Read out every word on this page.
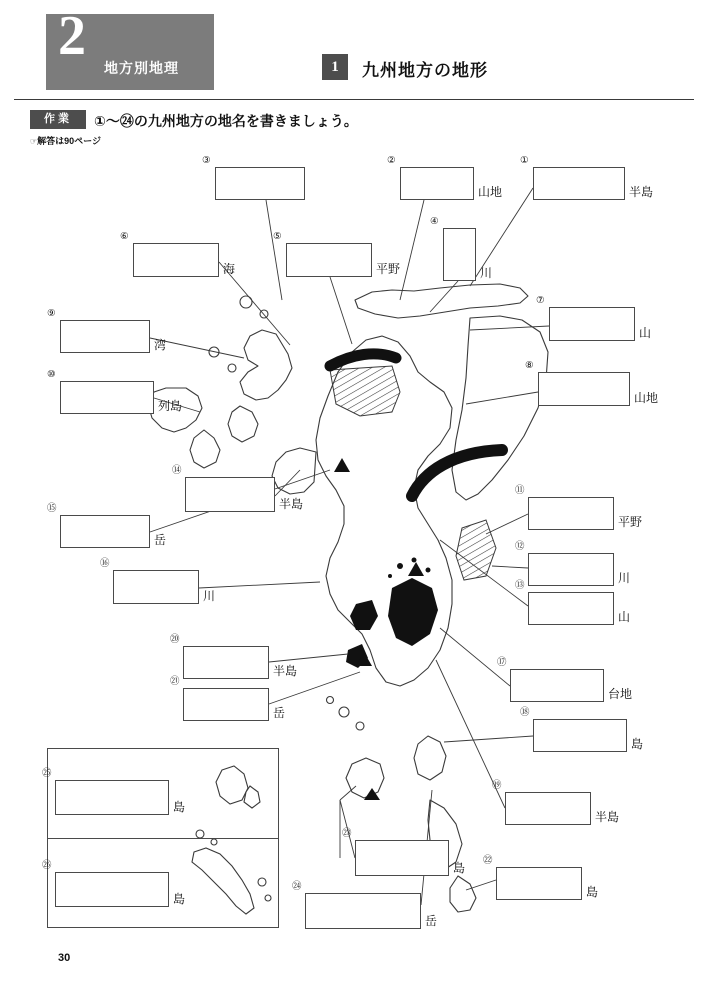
2
地方別地理	1	九州地方の地形
作業	①〜㉔の九州地方の地名を書きましょう。
☞解答は90ページ
①
半島
②
山地
③
④
川
⑤
平野
⑥
海
⑦
山
⑧
山地
⑨
湾
⑩
列島
⑪
平野
⑫
川
⑬
山
⑭
半島
⑮
岳
⑯
川
⑰
台地
⑱
島
⑲
半島
⑳
半島
㉑
岳
㉒
島
㉓
島
㉔
岳
㉕
島
㉖
島
30
